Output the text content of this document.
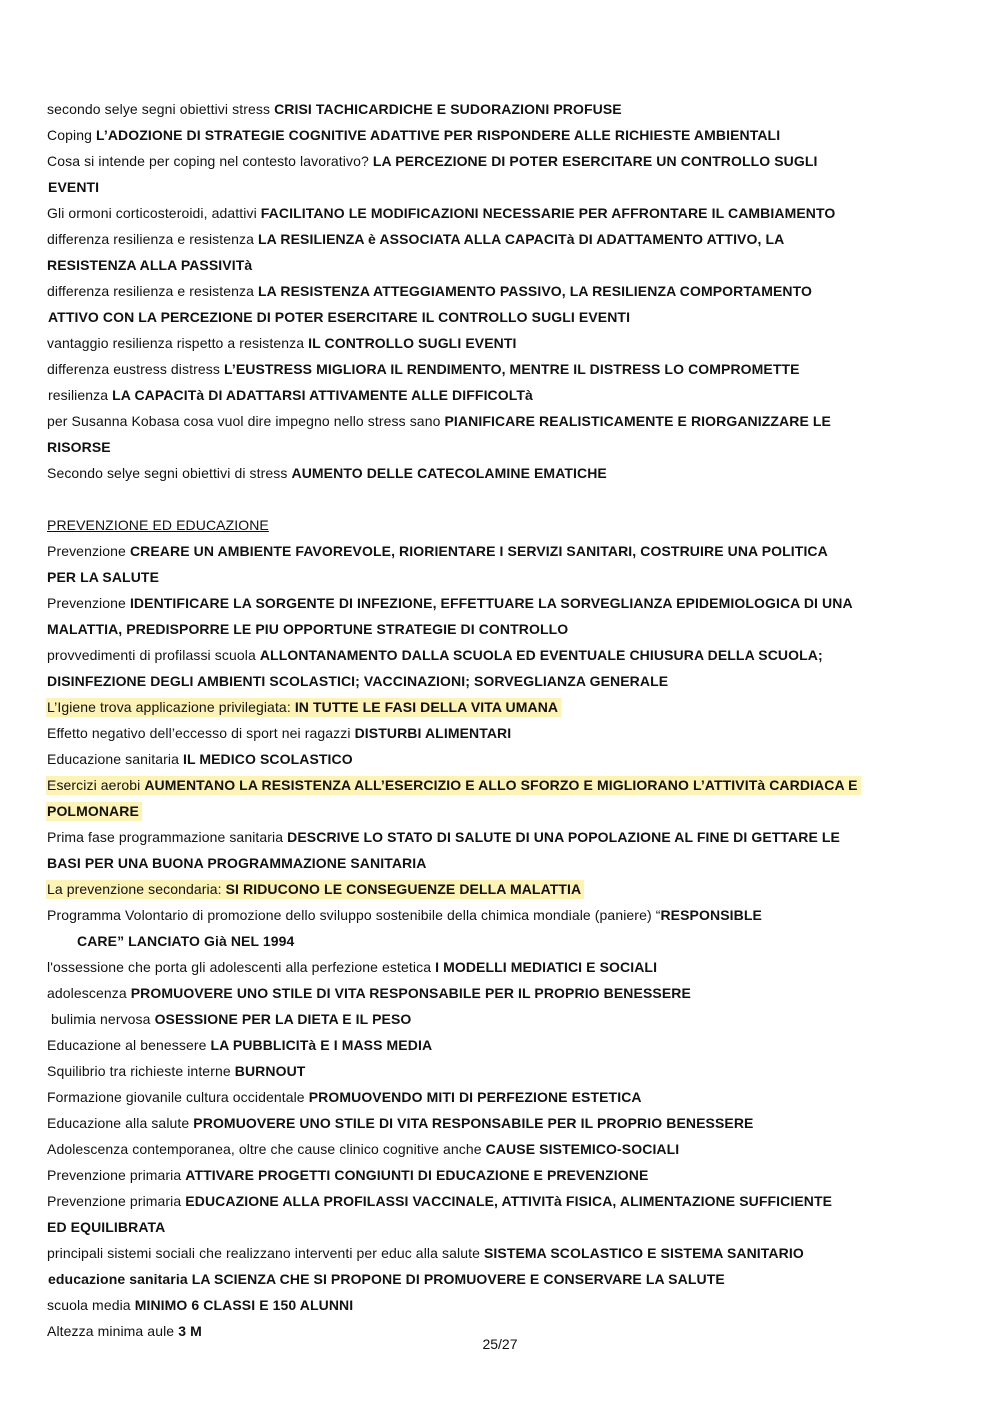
secondo selye segni obiettivi stress CRISI TACHICARDICHE E SUDORAZIONI PROFUSE
Coping L’ADOZIONE DI STRATEGIE COGNITIVE ADATTIVE PER RISPONDERE ALLE RICHIESTE AMBIENTALI
Cosa si intende per coping nel contesto lavorativo? LA PERCEZIONE DI POTER ESERCITARE UN CONTROLLO SUGLI
EVENTI
Gli ormoni corticosteroidi, adattivi FACILITANO LE MODIFICAZIONI NECESSARIE PER AFFRONTARE IL CAMBIAMENTO
differenza resilienza e resistenza LA RESILIENZA è ASSOCIATA ALLA CAPACITà DI ADATTAMENTO ATTIVO, LA
RESISTENZA ALLA PASSIVITà
differenza resilienza e resistenza LA RESISTENZA ATTEGGIAMENTO PASSIVO, LA RESILIENZA COMPORTAMENTO
ATTIVO CON LA PERCEZIONE DI POTER ESERCITARE IL CONTROLLO SUGLI EVENTI
vantaggio resilienza rispetto a resistenza IL CONTROLLO SUGLI EVENTI
differenza eustress distress L’EUSTRESS MIGLIORA IL RENDIMENTO, MENTRE IL DISTRESS LO COMPROMETTE
resilienza LA CAPACITà DI ADATTARSI ATTIVAMENTE ALLE DIFFICOLTà
per Susanna Kobasa cosa vuol dire impegno nello stress sano PIANIFICARE REALISTICAMENTE E RIORGANIZZARE LE
RISORSE
Secondo selye segni obiettivi di stress AUMENTO DELLE CATECOLAMINE EMATICHE
PREVENZIONE ED EDUCAZIONE
Prevenzione CREARE UN AMBIENTE FAVOREVOLE, RIORIENTARE I SERVIZI SANITARI, COSTRUIRE UNA POLITICA
PER LA SALUTE
Prevenzione IDENTIFICARE LA SORGENTE DI INFEZIONE, EFFETTUARE LA SORVEGLIANZA EPIDEMIOLOGICA DI UNA
MALATTIA, PREDISPORRE LE PIU OPPORTUNE STRATEGIE DI CONTROLLO
provvedimenti di profilassi scuola ALLONTANAMENTO DALLA SCUOLA ED EVENTUALE CHIUSURA DELLA SCUOLA;
DISINFEZIONE DEGLI AMBIENTI SCOLASTICI; VACCINAZIONI; SORVEGLIANZA GENERALE
L’Igiene trova applicazione privilegiata: IN TUTTE LE FASI DELLA VITA UMANA
Effetto negativo dell’eccesso di sport nei ragazzi DISTURBI ALIMENTARI
Educazione sanitaria IL MEDICO SCOLASTICO
Esercizi aerobi AUMENTANO LA RESISTENZA ALL’ESERCIZIO E ALLO SFORZO E MIGLIORANO L’ATTIVITà CARDIACA E
POLMONARE
Prima fase programmazione sanitaria DESCRIVE LO STATO DI SALUTE DI UNA POPOLAZIONE AL FINE DI GETTARE LE
BASI PER UNA BUONA PROGRAMMAZIONE SANITARIA
La prevenzione secondaria: SI RIDUCONO LE CONSEGUENZE DELLA MALATTIA
Programma Volontario di promozione dello sviluppo sostenibile della chimica mondiale (paniere) “RESPONSIBLE
CARE” LANCIATO Già NEL 1994
l'ossessione che porta gli adolescenti alla perfezione estetica I MODELLI MEDIATICI E SOCIALI
adolescenza PROMUOVERE UNO STILE DI VITA RESPONSABILE PER IL PROPRIO BENESSERE
bulimia nervosa OSESSIONE PER LA DIETA E IL PESO
Educazione al benessere LA PUBBLICITà E I MASS MEDIA
Squilibrio tra richieste interne BURNOUT
Formazione giovanile cultura occidentale PROMUOVENDO MITI DI PERFEZIONE ESTETICA
Educazione alla salute PROMUOVERE UNO STILE DI VITA RESPONSABILE PER IL PROPRIO BENESSERE
Adolescenza contemporanea, oltre che cause clinico cognitive anche CAUSE SISTEMICO-SOCIALI
Prevenzione primaria ATTIVARE PROGETTI CONGIUNTI DI EDUCAZIONE E PREVENZIONE
Prevenzione primaria EDUCAZIONE ALLA PROFILASSI VACCINALE, ATTIVITà FISICA, ALIMENTAZIONE SUFFICIENTE
ED EQUILIBRATA
principali sistemi sociali che realizzano interventi per educ alla salute SISTEMA SCOLASTICO E SISTEMA SANITARIO
educazione sanitaria LA SCIENZA CHE SI PROPONE DI PROMUOVERE E CONSERVARE LA SALUTE
scuola media MINIMO 6 CLASSI E 150 ALUNNI
Altezza minima aule 3 M
25/27
